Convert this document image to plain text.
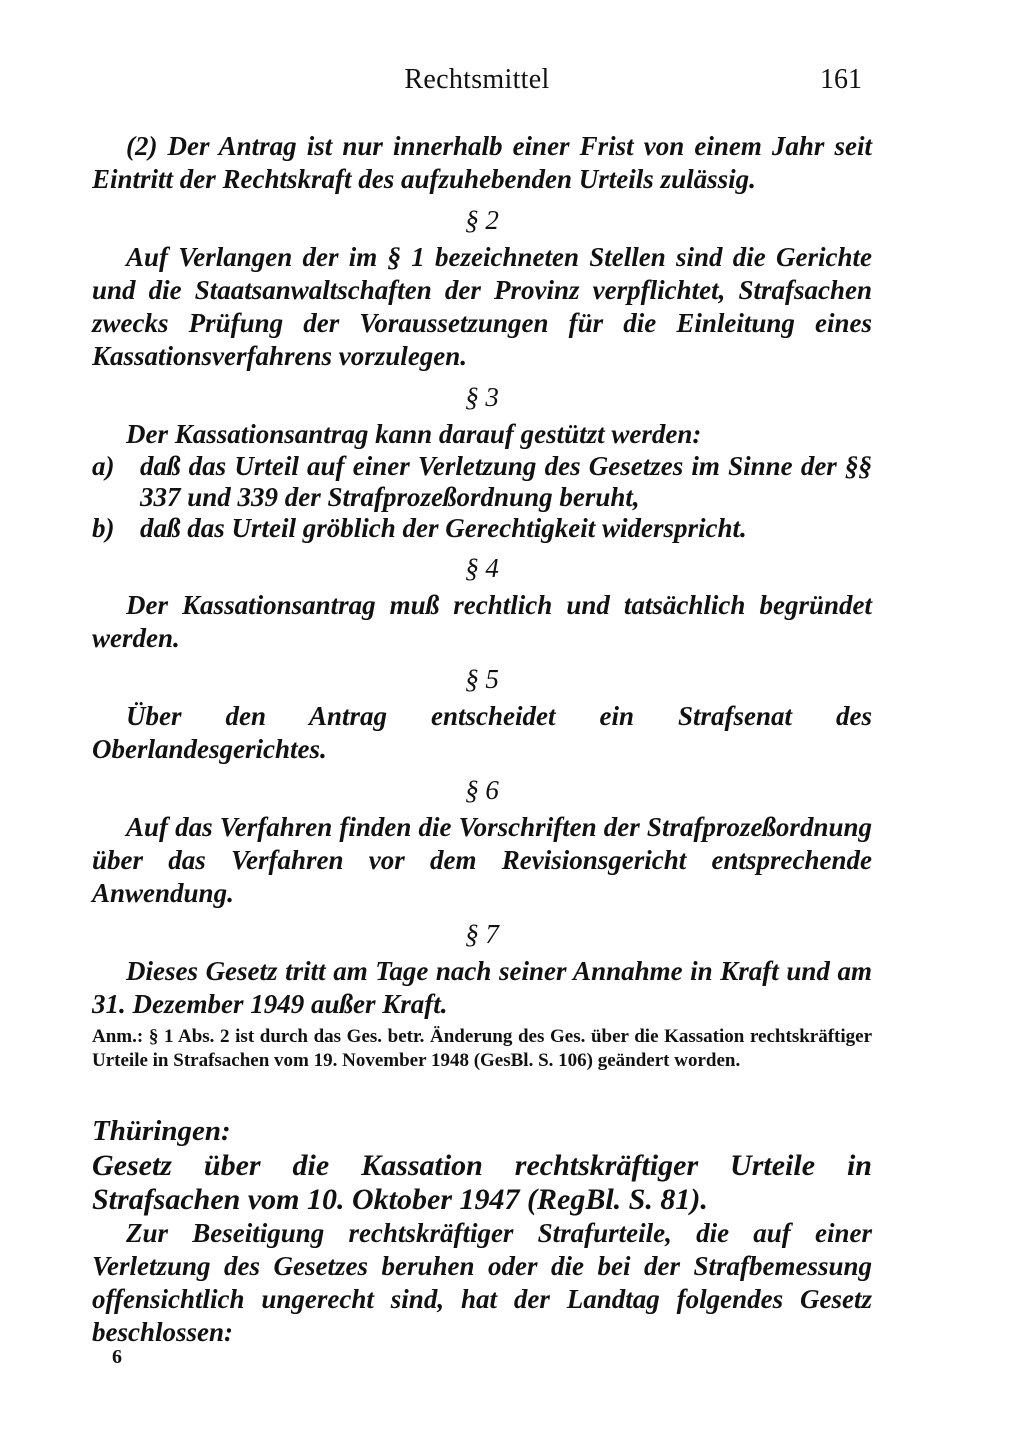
Rechtsmittel	161

(2) Der Antrag ist nur innerhalb einer Frist von einem Jahr seit Eintritt der Rechtskraft des aufzuhebenden Urteils zulässig.

§ 2

Auf Verlangen der im § 1 bezeichneten Stellen sind die Gerichte und die Staatsanwaltschaften der Provinz verpflichtet, Strafsachen zwecks Prüfung der Voraussetzungen für die Einleitung eines Kassationsverfahrens vorzulegen.

§ 3

Der Kassationsantrag kann darauf gestützt werden:

a) daß das Urteil auf einer Verletzung des Gesetzes im Sinne der §§ 337 und 339 der Strafprozeßordnung beruht,
b) daß das Urteil gröblich der Gerechtigkeit widerspricht.

§ 4

Der Kassationsantrag muß rechtlich und tatsächlich begründet werden.

§ 5

Über den Antrag entscheidet ein Strafsenat des Oberlandesgerichtes.

§ 6

Auf das Verfahren finden die Vorschriften der Strafprozeßordnung über das Verfahren vor dem Revisionsgericht entsprechende Anwendung.

§ 7

Dieses Gesetz tritt am Tage nach seiner Annahme in Kraft und am 31. Dezember 1949 außer Kraft.

Anm.: § 1 Abs. 2 ist durch das Ges. betr. Änderung des Ges. über die Kassation rechtskräftiger Urteile in Strafsachen vom 19. November 1948 (GesBl. S. 106) geändert worden.

Thüringen:

Gesetz über die Kassation rechtskräftiger Urteile in Strafsachen vom 10. Oktober 1947 (RegBl. S. 81).

Zur Beseitigung rechtskräftiger Strafurteile, die auf einer Verletzung des Gesetzes beruhen oder die bei der Strafbemessung offensichtlich ungerecht sind, hat der Landtag folgendes Gesetz beschlossen:

6
